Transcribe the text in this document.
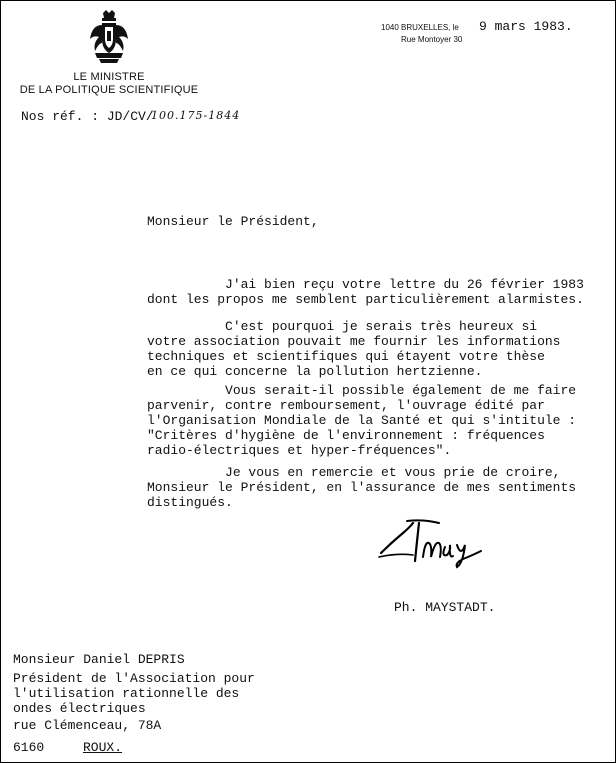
LE MINISTRE
DE LA POLITIQUE SCIENTIFIQUE
1040 BRUXELLES, le 9 mars 1983.
Rue Montoyer 30
Nos réf. : JD/CV/
100.175-1844
Monsieur le Président,
J'ai bien reçu votre lettre du 26 février 1983
dont les propos me semblent particulièrement alarmistes.
C'est pourquoi je serais très heureux si
votre association pouvait me fournir les informations
techniques et scientifiques qui étayent votre thèse
en ce qui concerne la pollution hertzienne.
Vous serait-il possible également de me faire
parvenir, contre remboursement, l'ouvrage édité par
l'Organisation Mondiale de la Santé et qui s'intitule :
"Critères d'hygiène de l'environnement : fréquences
radio-électriques et hyper-fréquences".
Je vous en remercie et vous prie de croire,
Monsieur le Président, en l'assurance de mes sentiments
distingués.
Ph. MAYSTADT.
Monsieur Daniel DEPRIS
Président de l'Association pour
l'utilisation rationnelle des
ondes électriques
rue Clémenceau, 78A
6160	ROUX.
